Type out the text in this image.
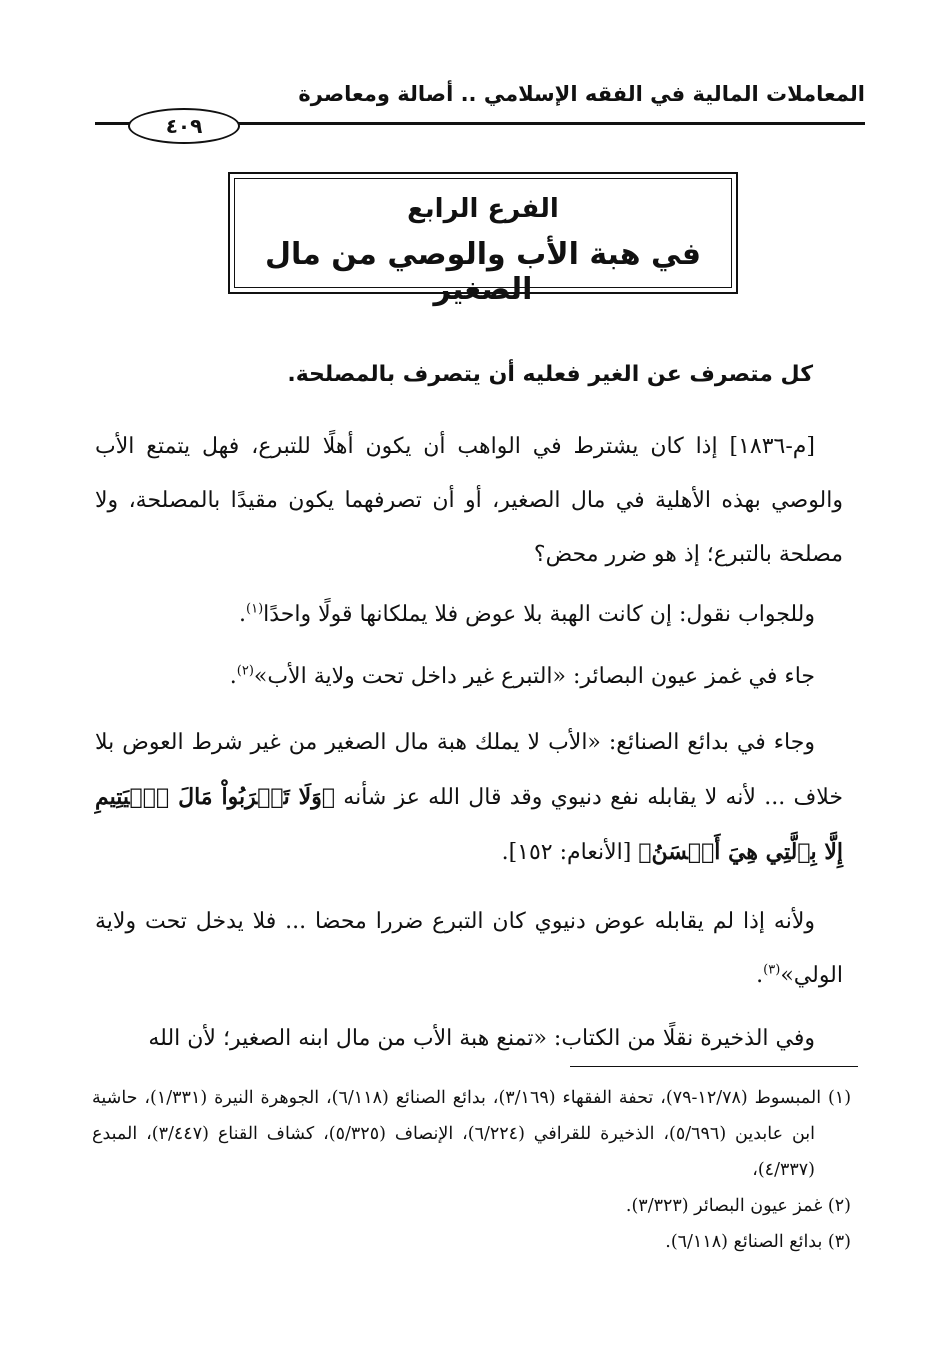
المعاملات المالية في الفقه الإسلامي .. أصالة ومعاصرة
٤٠٩
الفرع الرابع
في هبة الأب والوصي من مال الصغير

كل متصرف عن الغير فعليه أن يتصرف بالمصلحة.

[م-١٨٣٦] إذا كان يشترط في الواهب أن يكون أهلًا للتبرع، فهل يتمتع الأب والوصي بهذه الأهلية في مال الصغير، أو أن تصرفهما يكون مقيدًا بالمصلحة، ولا مصلحة بالتبرع؛ إذ هو ضرر محض؟

وللجواب نقول: إن كانت الهبة بلا عوض فلا يملكانها قولًا واحدًا$^{(١)}$.

جاء في غمز عيون البصائر: «التبرع غير داخل تحت ولاية الأب»$^{(٢)}$.

وجاء في بدائع الصنائع: «الأب لا يملك هبة مال الصغير من غير شرط العوض بلا خلاف ... لأنه لا يقابله نفع دنيوي وقد قال الله عز شأنه ﴿وَلَا تَقۡرَبُواْ مَالَ ٱلۡيَتِيمِ إِلَّا بِٱلَّتِي هِيَ أَحۡسَنُ﴾ [الأنعام: ١٥٢].

ولأنه إذا لم يقابله عوض دنيوي كان التبرع ضررا محضا ... فلا يدخل تحت ولاية الولي»$^{(٣)}$.

وفي الذخيرة نقلًا من الكتاب: «تمنع هبة الأب من مال ابنه الصغير؛ لأن الله

(١) المبسوط (١٢/٧٨-٧٩)، تحفة الفقهاء (٣/١٦٩)، بدائع الصنائع (٦/١١٨)، الجوهرة النيرة (١/٣٣١)، حاشية ابن عابدين (٥/٦٩٦)، الذخيرة للقرافي (٦/٢٢٤)، الإنصاف (٥/٣٢٥)، كشاف القناع (٣/٤٤٧)، المبدع (٤/٣٣٧)،

(٢) غمز عيون البصائر (٣/٣٢٣).

(٣) بدائع الصنائع (٦/١١٨).
